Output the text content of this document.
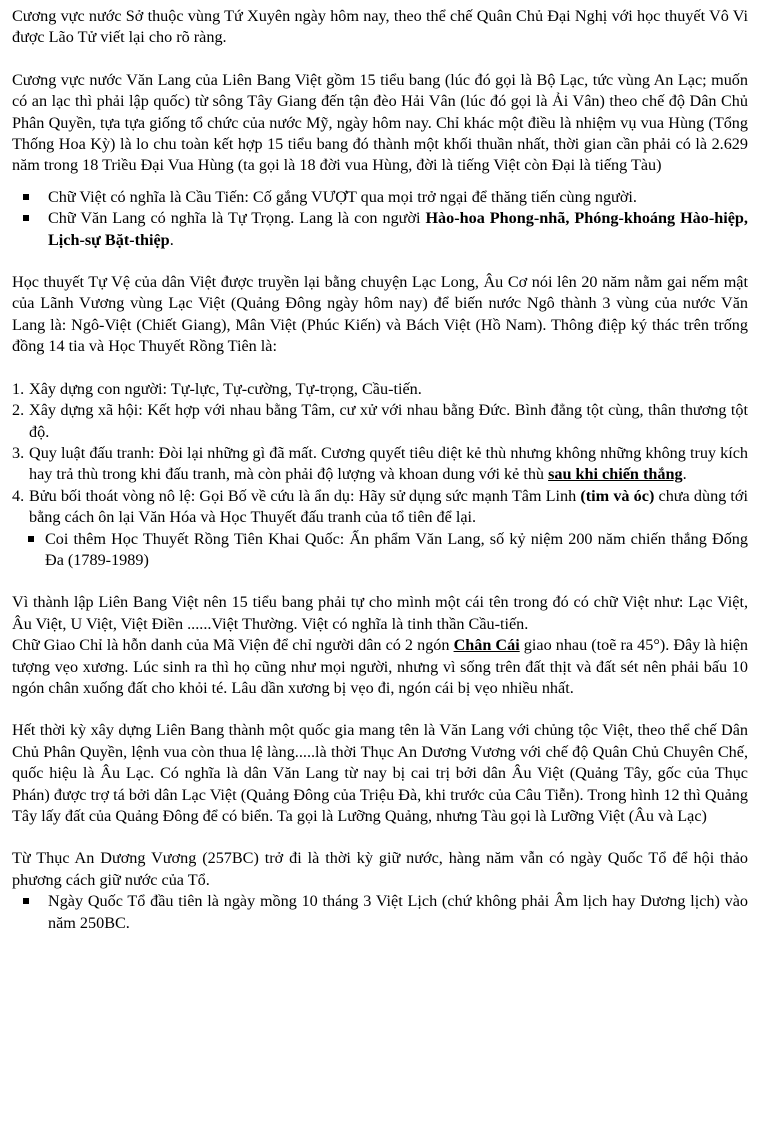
Cương vực nước Sở thuộc vùng Tứ Xuyên ngày hôm nay, theo thể chế Quân Chủ Đại Nghị với học thuyết Vô Vi được Lão Tử viết lại cho rõ ràng.

Cương vực nước Văn Lang của Liên Bang Việt gồm 15 tiểu bang (lúc đó gọi là Bộ Lạc, tức vùng An Lạc; muốn có an lạc thì phải lập quốc) từ sông Tây Giang đến tận đèo Hải Vân (lúc đó gọi là Ải Vân) theo chế độ Dân Chủ Phân Quyền, tựa tựa giống tổ chức của nước Mỹ, ngày hôm nay. Chỉ khác một điều là nhiệm vụ vua Hùng (Tổng Thống Hoa Kỳ) là lo chu toàn kết hợp 15 tiểu bang đó thành một khối thuần nhất, thời gian cần phải có là 2.629 năm trong 18 Triều Đại Vua Hùng (ta gọi là 18 đời vua Hùng, đời là tiếng Việt còn Đại là tiếng Tàu)

Chữ Việt có nghĩa là Cầu Tiến: Cố gắng VƯỢT qua mọi trở ngại để thăng tiến cùng người.
Chữ Văn Lang có nghĩa là Tự Trọng. Lang là con người Hào-hoa Phong-nhã, Phóng-khoáng Hào-hiệp, Lịch-sự Bặt-thiệp.

Học thuyết Tự Vệ của dân Việt được truyền lại bằng chuyện Lạc Long, Âu Cơ nói lên 20 năm nằm gai nếm mật của Lãnh Vương vùng Lạc Việt (Quảng Đông ngày hôm nay) để biến nước Ngô thành 3 vùng của nước Văn Lang là: Ngô-Việt (Chiết Giang), Mân Việt (Phúc Kiến) và Bách Việt (Hồ Nam). Thông điệp ký thác trên trống đồng 14 tia và Học Thuyết Rồng Tiên là:

1. Xây dựng con người: Tự-lực, Tự-cường, Tự-trọng, Cầu-tiến.
2. Xây dựng xã hội: Kết hợp với nhau bằng Tâm, cư xử với nhau bằng Đức. Bình đẳng tột cùng, thân thương tột độ.
3. Quy luật đấu tranh: Đòi lại những gì đã mất. Cương quyết tiêu diệt kẻ thù nhưng không những không truy kích hay trả thù trong khi đấu tranh, mà còn phải độ lượng và khoan dung với kẻ thù sau khi chiến thắng.
4. Bửu bối thoát vòng nô lệ: Gọi Bố về cứu là ẩn dụ: Hãy sử dụng sức mạnh Tâm Linh (tim và óc) chưa dùng tới bằng cách ôn lại Văn Hóa và Học Thuyết đấu tranh của tổ tiên để lại.
Coi thêm Học Thuyết Rồng Tiên Khai Quốc: Ấn phẩm Văn Lang, số kỷ niệm 200 năm chiến thắng Đống Đa (1789-1989)

Vì thành lập Liên Bang Việt nên 15 tiểu bang phải tự cho mình một cái tên trong đó có chữ Việt như: Lạc Việt, Âu Việt, U Việt, Việt Điền ......Việt Thường. Việt có nghĩa là tinh thần Cầu-tiến.

Chữ Giao Chỉ là hỗn danh của Mã Viện để chỉ người dân có 2 ngón Chân Cái giao nhau (toẽ ra 45°). Đây là hiện tượng vẹo xương. Lúc sinh ra thì họ cũng như mọi người, nhưng vì sống trên đất thịt và đất sét nên phải bấu 10 ngón chân xuống đất cho khỏi té. Lâu dần xương bị vẹo đi, ngón cái bị vẹo nhiều nhất.

Hết thời kỳ xây dựng Liên Bang thành một quốc gia mang tên là Văn Lang với chủng tộc Việt, theo thể chế Dân Chủ Phân Quyền, lệnh vua còn thua lệ làng.....là thời Thục An Dương Vương với chế độ Quân Chủ Chuyên Chế, quốc hiệu là Âu Lạc. Có nghĩa là dân Văn Lang từ nay bị cai trị bởi dân Âu Việt (Quảng Tây, gốc của Thục Phán) được trợ tá bởi dân Lạc Việt (Quảng Đông của Triệu Đà, khi trước của Câu Tiễn). Trong hình 12 thì Quảng Tây lấy đất của Quảng Đông để có biển. Ta gọi là Lưỡng Quảng, nhưng Tàu gọi là Lưỡng Việt (Âu và Lạc)

Từ Thục An Dương Vương (257BC) trở đi là thời kỳ giữ nước, hàng năm vẫn có ngày Quốc Tổ để hội thảo phương cách giữ nước của Tổ.

Ngày Quốc Tổ đầu tiên là ngày mồng 10 tháng 3 Việt Lịch (chứ không phải Âm lịch hay Dương lịch) vào năm 250BC.
